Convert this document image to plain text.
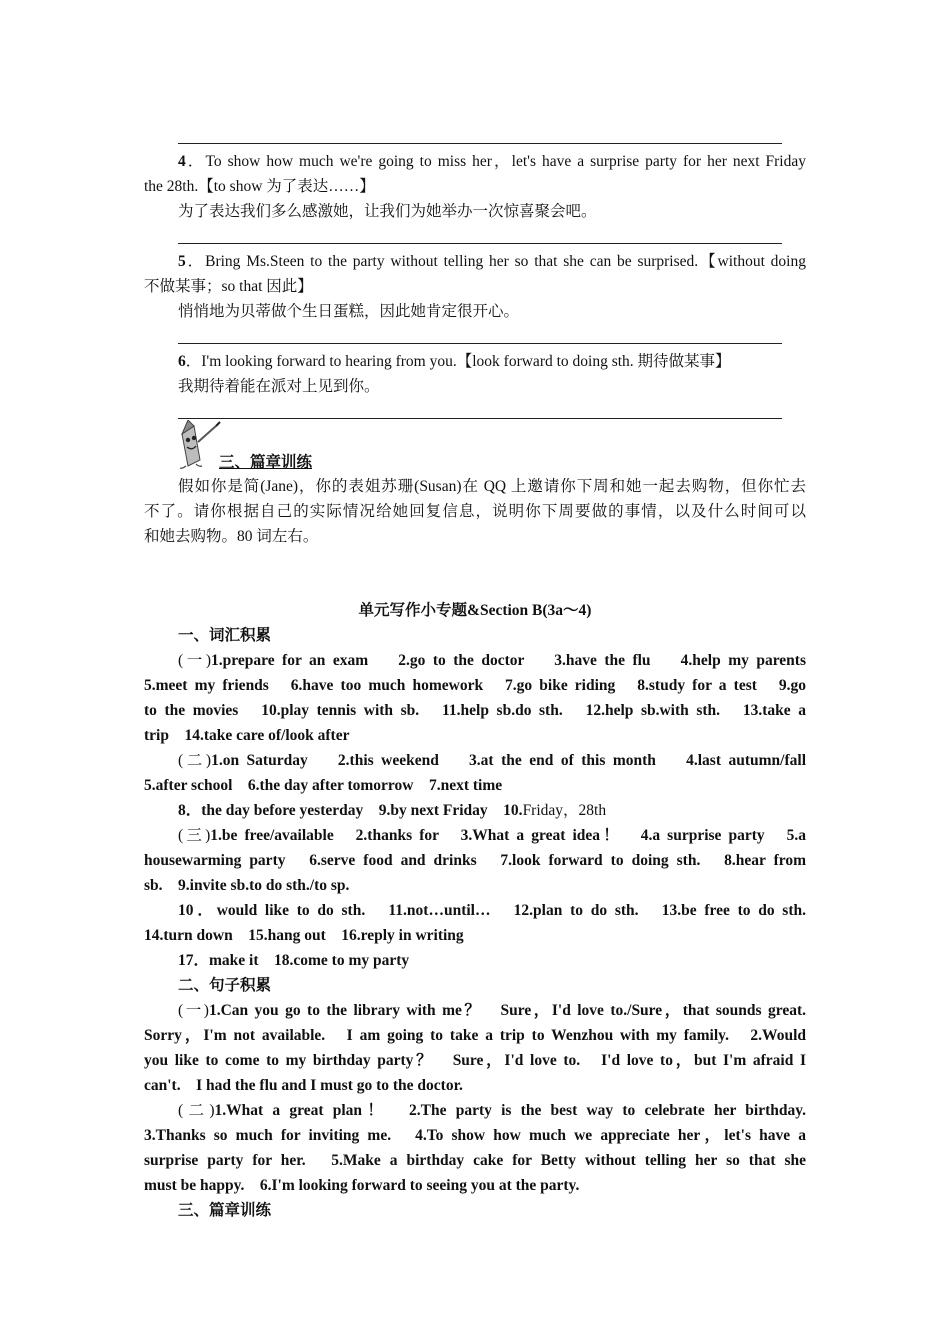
4．To show how much we're going to miss her，let's have a surprise party for her next Friday
the 28th.【to show 为了表达……】
为了表达我们多么感激她，让我们为她举办一次惊喜聚会吧。
5．Bring Ms.Steen to the party without telling her so that she can be surprised.【without doing
不做某事；so that 因此】
悄悄地为贝蒂做个生日蛋糕，因此她肯定很开心。
6．I'm looking forward to hearing from you.【look forward to doing sth. 期待做某事】
我期待着能在派对上见到你。
三、篇章训练
假如你是简(Jane)，你的表姐苏珊(Susan)在 QQ 上邀请你下周和她一起去购物，但你忙去
不了。请你根据自己的实际情况给她回复信息，说明你下周要做的事情，以及什么时间可以
和她去购物。80 词左右。
单元写作小专题&Section B(3a～4)
一、词汇积累
(一)1.prepare for an exam　 2.go to the doctor　 3.have the flu　 4.help my parents
5.meet my friends　6.have too much homework　7.go bike riding　8.study for a test　9.go
to the movies　10.play tennis with sb.　11.help sb.do sth.　12.help sb.with sth.　13.take a
trip　14.take care of/look after
(二)1.on Saturday　 2.this weekend　 3.at the end of this month　 4.last autumn/fall
5.after school　6.the day after tomorrow　7.next time
8．the day before yesterday　9.by next Friday　10.Friday，28th
(三)1.be free/available　2.thanks for　3.What a great idea！　4.a surprise party　5.a
housewarming party　6.serve food and drinks　7.look forward to doing sth.　8.hear from
sb.　9.invite sb.to do sth./to sp.
10．would like to do sth.　11.not…until…　12.plan to do sth.　13.be free to do sth.
14.turn down　15.hang out　16.reply in writing
17．make it　18.come to my party
二、句子积累
(一)1.Can you go to the library with me？　Sure，I'd love to./Sure，that sounds great.
Sorry，I'm not available.　I am going to take a trip to Wenzhou with my family.　2.Would
you like to come to my birthday party？　Sure，I'd love to.　I'd love to，but I'm afraid I
can't.　I had the flu and I must go to the doctor.
(二)1.What a great plan！　2.The party is the best way to celebrate her birthday.
3.Thanks so much for inviting me.　4.To show how much we appreciate her，let's have a
surprise party for her.　5.Make a birthday cake for Betty without telling her so that she
must be happy.　6.I'm looking forward to seeing you at the party.
三、篇章训练
